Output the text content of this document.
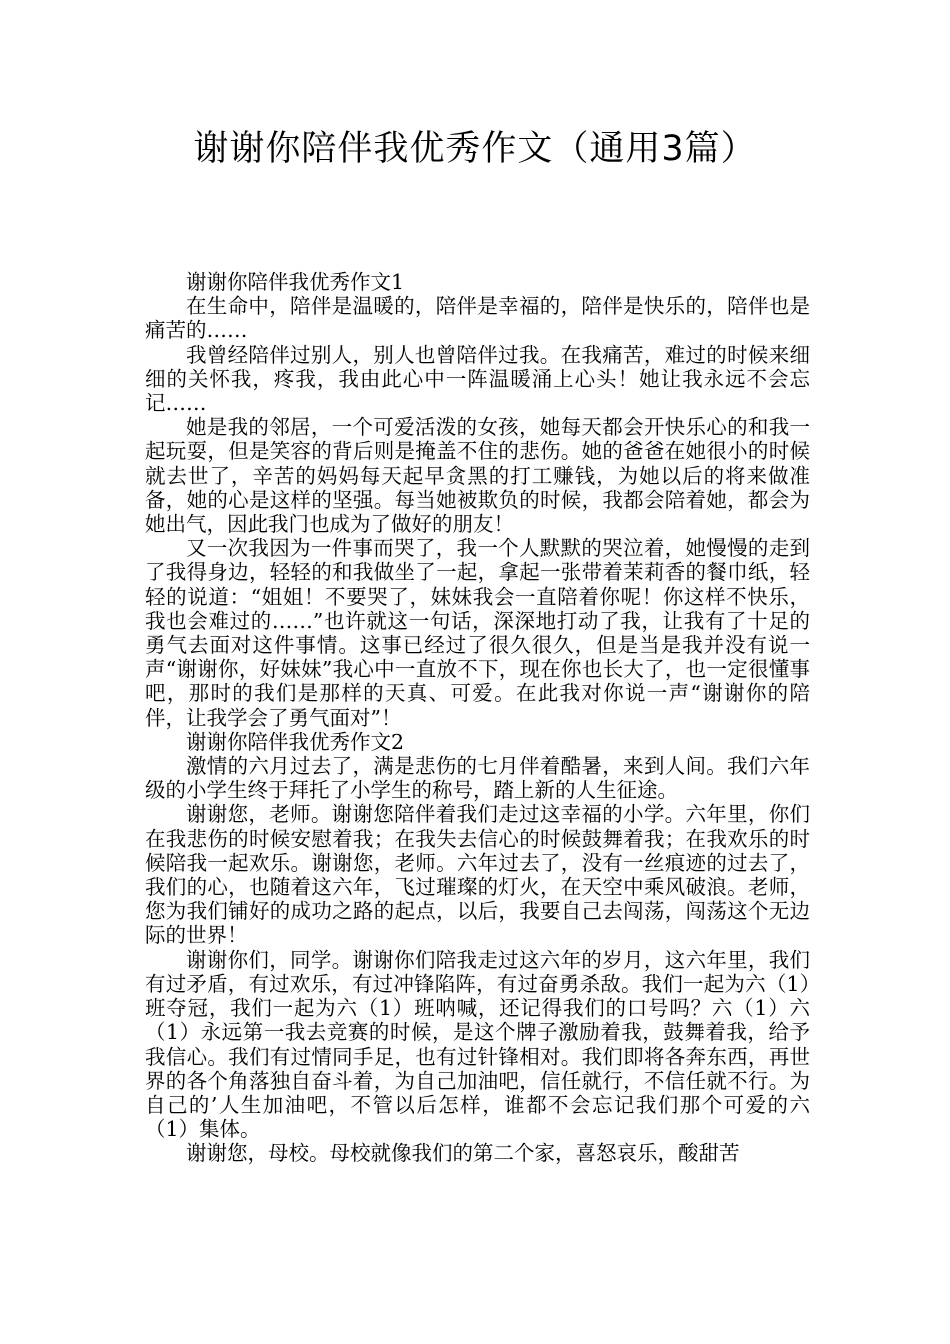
谢谢你陪伴我优秀作文（通用3篇）

谢谢你陪伴我优秀作文1

在生命中，陪伴是温暖的，陪伴是幸福的，陪伴是快乐的，陪伴也是痛苦的……

我曾经陪伴过别人，别人也曾陪伴过我。在我痛苦，难过的时候来细细的关怀我，疼我，我由此心中一阵温暖涌上心头！她让我永远不会忘记……

她是我的邻居，一个可爱活泼的女孩，她每天都会开快乐心的和我一起玩耍，但是笑容的背后则是掩盖不住的悲伤。她的爸爸在她很小的时候就去世了，辛苦的妈妈每天起早贪黑的打工赚钱，为她以后的将来做准备，她的心是这样的坚强。每当她被欺负的时候，我都会陪着她，都会为她出气，因此我门也成为了做好的朋友！

又一次我因为一件事而哭了，我一个人默默的哭泣着，她慢慢的走到了我得身边，轻轻的和我做坐了一起，拿起一张带着茉莉香的餐巾纸，轻轻的说道：“姐姐！不要哭了，妹妹我会一直陪着你呢！你这样不快乐，我也会难过的……”也许就这一句话，深深地打动了我，让我有了十足的勇气去面对这件事情。这事已经过了很久很久，但是当是我并没有说一声“谢谢你，好妹妹”我心中一直放不下，现在你也长大了，也一定很懂事吧，那时的我们是那样的天真、可爱。在此我对你说一声“谢谢你的陪伴，让我学会了勇气面对”！

谢谢你陪伴我优秀作文2

激情的六月过去了，满是悲伤的七月伴着酷暑，来到人间。我们六年级的小学生终于拜托了小学生的称号，踏上新的人生征途。

谢谢您，老师。谢谢您陪伴着我们走过这幸福的小学。六年里，你们在我悲伤的时候安慰着我；在我失去信心的时候鼓舞着我；在我欢乐的时候陪我一起欢乐。谢谢您，老师。六年过去了，没有一丝痕迹的过去了，我们的心，也随着这六年，飞过璀璨的灯火，在天空中乘风破浪。老师，您为我们铺好的成功之路的起点，以后，我要自己去闯荡，闯荡这个无边际的世界！

谢谢你们，同学。谢谢你们陪我走过这六年的岁月，这六年里，我们有过矛盾，有过欢乐，有过冲锋陷阵，有过奋勇杀敌。我们一起为六（1）班夺冠，我们一起为六（1）班呐喊，还记得我们的口号吗？六（1）六（1）永远第一我去竞赛的时候，是这个牌子激励着我，鼓舞着我，给予我信心。我们有过情同手足，也有过针锋相对。我们即将各奔东西，再世界的各个角落独自奋斗着，为自己加油吧，信任就行，不信任就不行。为自己的’人生加油吧，不管以后怎样，谁都不会忘记我们那个可爱的六（1）集体。

谢谢您，母校。母校就像我们的第二个家，喜怒哀乐，酸甜苦
